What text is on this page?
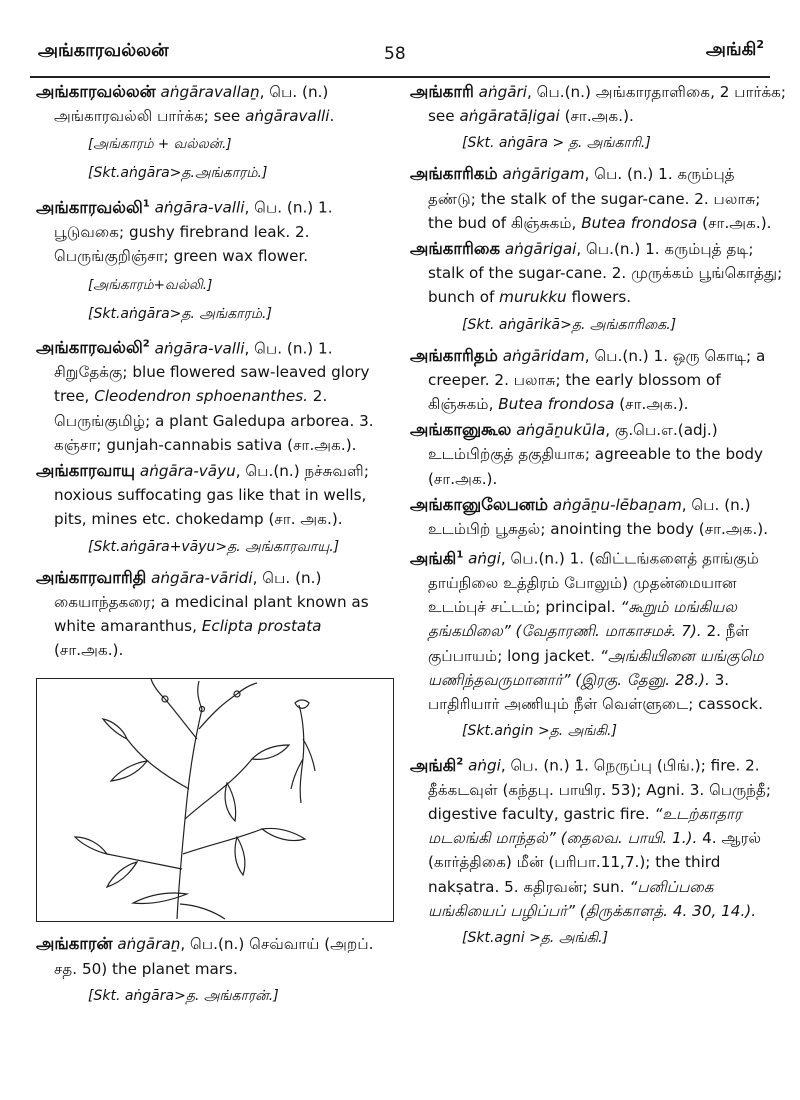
அங்காரவல்லன்	58	அங்கி$^2$
அங்காரவல்லன் aṅgāravallaṉ, பெ. (n.) அங்காரவல்லி பார்க்க; see aṅgāravalli.
[அங்காரம் + வல்லன்.]
[Skt.aṅgāra>த.அங்காரம்.]
அங்காரவல்லி$^1$ aṅgāra-valli, பெ. (n.) 1. பூடுவகை; gushy firebrand leak. 2. பெருங்குறிஞ்சா; green wax flower.
[அங்காரம்+வல்லி.]
[Skt.aṅgāra>த. அங்காரம்.]
அங்காரவல்லி$^2$ aṅgāra-valli, பெ. (n.) 1. சிறுதேக்கு; blue flowered saw-leaved glory tree, Cleodendron sphoenanthes. 2. பெருங்குமிழ்; a plant Galedupa arborea. 3. கஞ்சா; gunjah-cannabis sativa (சா.அக.).
அங்காரவாயு aṅgāra-vāyu, பெ.(n.) நச்சுவளி; noxious suffocating gas like that in wells, pits, mines etc. chokedamp (சா. அக.).
[Skt.aṅgāra+vāyu>த. அங்காரவாயு.]
அங்காரவாரிதி aṅgāra-vāridi, பெ. (n.) கையாந்தகரை; a medicinal plant known as white amaranthus, Eclipta prostata (சா.அக.).
அங்காரன் aṅgāraṉ, பெ.(n.) செவ்வாய் (அறப். சத. 50) the planet mars.
[Skt. aṅgāra>த. அங்காரன்.]
அங்காரி aṅgāri, பெ.(n.) அங்காரதாளிகை, 2 பார்க்க; see aṅgāratāḷigai (சா.அக.).
[Skt. aṅgāra > த. அங்காரி.]
அங்காரிகம் aṅgārigam, பெ. (n.) 1. கரும்புத் தண்டு; the stalk of the sugar-cane. 2. பலாசு; the bud of கிஞ்சுகம், Butea frondosa (சா.அக.).
அங்காரிகை aṅgārigai, பெ.(n.) 1. கரும்புத் தடி; stalk of the sugar-cane. 2. முருக்கம் பூங்கொத்து; bunch of murukku flowers.
[Skt. aṅgārikā>த. அங்காரிகை.]
அங்காரிதம் aṅgāridam, பெ.(n.) 1. ஒரு கொடி; a creeper. 2. பலாசு; the early blossom of கிஞ்சுகம், Butea frondosa (சா.அக.).
அங்கானுகூல aṅgāṉukūla, கு.பெ.எ.(adj.) உடம்பிற்குத் தகுதியாக; agreeable to the body (சா.அக.).
அங்கானுலேபனம் aṅgāṉu-lēbaṉam, பெ. (n.) உடம்பிற் பூசுதல்; anointing the body (சா.அக.).
அங்கி$^1$ aṅgi, பெ.(n.) 1. (விட்டங்களைத் தாங்கும் தாய்நிலை உத்திரம் போலும்) முதன்மையான உடம்புச் சட்டம்; principal. “கூறும் மங்கியல தங்கமிலை” (வேதாரணி. மாகாசமச். 7). 2. நீள் குப்பாயம்; long jacket. “அங்கியினை யங்குமெ யணிந்தவருமானார்” (இரகு. தேனு. 28.). 3. பாதிரியார் அணியும் நீள் வெள்ளுடை; cassock.
[Skt.aṅgin >த. அங்கி.]
அங்கி$^2$ aṅgi, பெ. (n.) 1. நெருப்பு (பிங்.); fire. 2. தீக்கடவுள் (கந்தபு. பாயிர. 53); Agni. 3. பெருந்தீ; digestive faculty, gastric fire. “உடற்காதார மடலங்கி மாந்தல்” (தைலவ. பாயி. 1.). 4. ஆரல் (கார்த்திகை) மீன் (பரிபா.11,7.); the third nakṣatra. 5. கதிரவன்; sun. “பனிப்பகை யங்கியைப் பழிப்பர்” (திருக்காளத். 4. 30, 14.).
[Skt.agni >த. அங்கி.]
